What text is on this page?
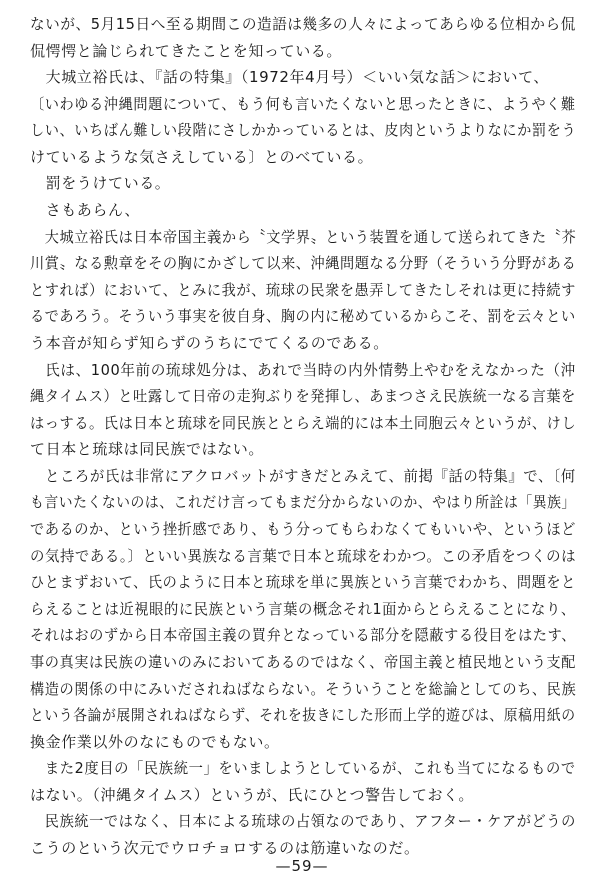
ないが、5月15日へ至る期間この造語は幾多の人々によってあらゆる位相から侃
侃愕愕と論じられてきたことを知っている。
　大城立裕氏は、『話の特集』（1972年4月号）＜いい気な話＞において、
〔いわゆる沖縄問題について、もう何も言いたくないと思ったときに、ようやく難
しい、いちばん難しい段階にさしかかっているとは、皮肉というよりなにか罰をう
けているような気さえしている〕とのべている。
　罰をうけている。
　さもあらん、
　大城立裕氏は日本帝国主義から〝文学界〟という装置を通して送られてきた〝芥
川賞〟なる勲章をその胸にかざして以来、沖縄問題なる分野（そういう分野がある
とすれば）において、とみに我が、琉球の民衆を愚弄してきたしそれは更に持続す
るであろう。そういう事実を彼自身、胸の内に秘めているからこそ、罰を云々とい
う本音が知らず知らずのうちにでてくるのである。
　氏は、100年前の琉球処分は、あれで当時の内外情勢上やむをえなかった（沖
縄タイムス）と吐露して日帝の走狗ぶりを発揮し、あまつさえ民族統一なる言葉を
はっする。氏は日本と琉球を同民族ととらえ端的には本土同胞云々というが、けし
て日本と琉球は同民族ではない。
　ところが氏は非常にアクロバットがすきだとみえて、前掲『話の特集』で、〔何
も言いたくないのは、これだけ言ってもまだ分からないのか、やはり所詮は「異族」
であるのか、という挫折感であり、もう分ってもらわなくてもいいや、というほど
の気持である。〕といい異族なる言葉で日本と琉球をわかつ。この矛盾をつくのは
ひとまずおいて、氏のように日本と琉球を単に異族という言葉でわかち、問題をと
らえることは近視眼的に民族という言葉の概念それ1面からとらえることになり、
それはおのずから日本帝国主義の買弁となっている部分を隠蔽する役目をはたす、
事の真実は民族の違いのみにおいてあるのではなく、帝国主義と植民地という支配
構造の関係の中にみいだされねばならない。そういうことを総論としてのち、民族
という各論が展開されねばならず、それを抜きにした形而上学的遊びは、原稿用紙の
換金作業以外のなにものでもない。
　また2度目の「民族統一」をいましようとしているが、これも当てになるもので
はない。（沖縄タイムス）というが、氏にひとつ警告しておく。
　民族統一ではなく、日本による琉球の占領なのであり、アフター・ケアがどうの
こうのという次元でウロチョロするのは筋違いなのだ。
—59—
